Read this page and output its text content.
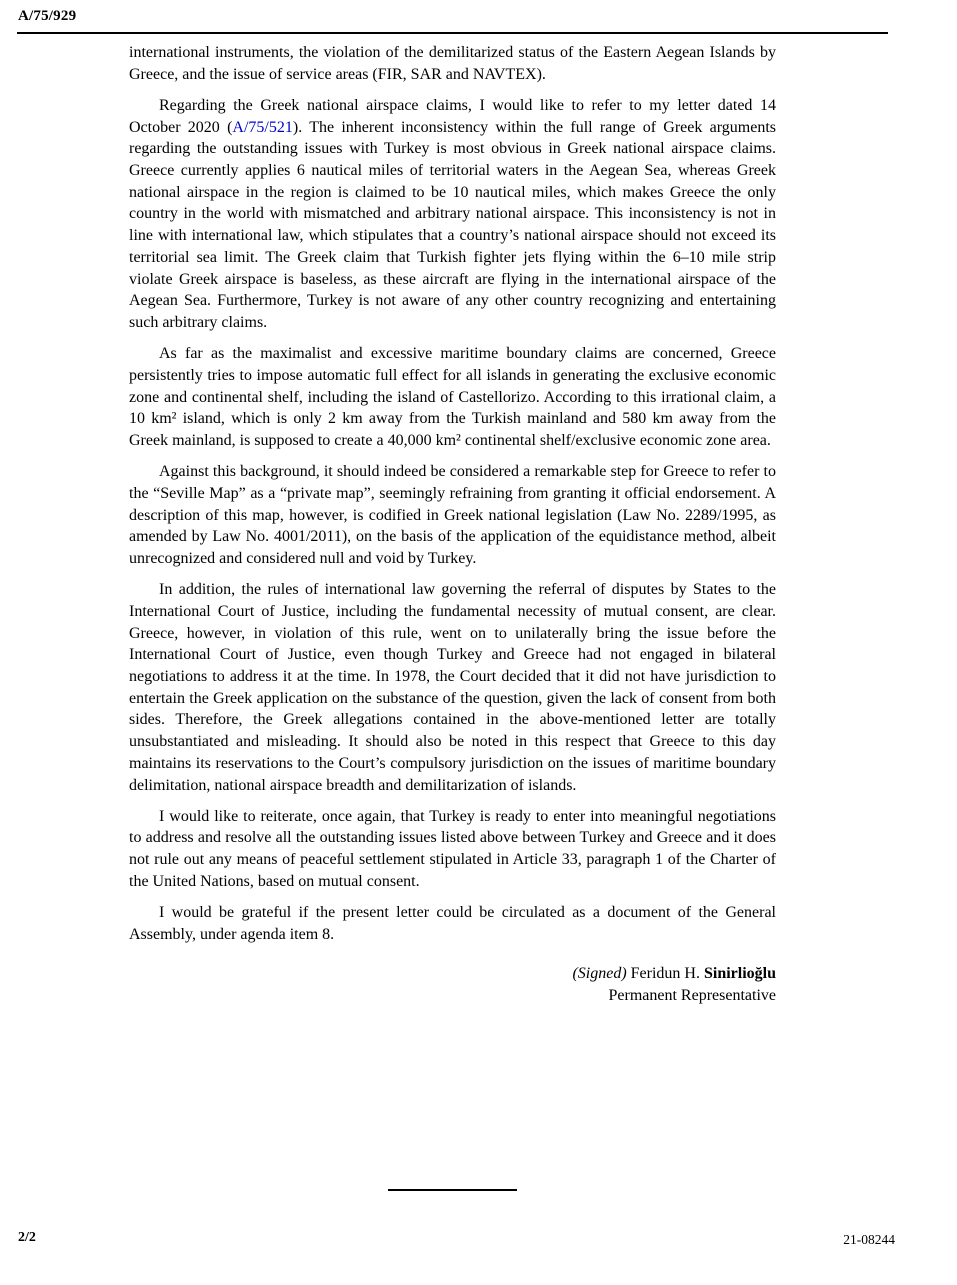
A/75/929

international instruments, the violation of the demilitarized status of the Eastern Aegean Islands by Greece, and the issue of service areas (FIR, SAR and NAVTEX).

Regarding the Greek national airspace claims, I would like to refer to my letter dated 14 October 2020 (A/75/521). The inherent inconsistency within the full range of Greek arguments regarding the outstanding issues with Turkey is most obvious in Greek national airspace claims. Greece currently applies 6 nautical miles of territorial waters in the Aegean Sea, whereas Greek national airspace in the region is claimed to be 10 nautical miles, which makes Greece the only country in the world with mismatched and arbitrary national airspace. This inconsistency is not in line with international law, which stipulates that a country’s national airspace should not exceed its territorial sea limit. The Greek claim that Turkish fighter jets flying within the 6–10 mile strip violate Greek airspace is baseless, as these aircraft are flying in the international airspace of the Aegean Sea. Furthermore, Turkey is not aware of any other country recognizing and entertaining such arbitrary claims.

As far as the maximalist and excessive maritime boundary claims are concerned, Greece persistently tries to impose automatic full effect for all islands in generating the exclusive economic zone and continental shelf, including the island of Castellorizo. According to this irrational claim, a 10 km² island, which is only 2 km away from the Turkish mainland and 580 km away from the Greek mainland, is supposed to create a 40,000 km² continental shelf/exclusive economic zone area.

Against this background, it should indeed be considered a remarkable step for Greece to refer to the “Seville Map” as a “private map”, seemingly refraining from granting it official endorsement. A description of this map, however, is codified in Greek national legislation (Law No. 2289/1995, as amended by Law No. 4001/2011), on the basis of the application of the equidistance method, albeit unrecognized and considered null and void by Turkey.

In addition, the rules of international law governing the referral of disputes by States to the International Court of Justice, including the fundamental necessity of mutual consent, are clear. Greece, however, in violation of this rule, went on to unilaterally bring the issue before the International Court of Justice, even though Turkey and Greece had not engaged in bilateral negotiations to address it at the time. In 1978, the Court decided that it did not have jurisdiction to entertain the Greek application on the substance of the question, given the lack of consent from both sides. Therefore, the Greek allegations contained in the above-mentioned letter are totally unsubstantiated and misleading. It should also be noted in this respect that Greece to this day maintains its reservations to the Court’s compulsory jurisdiction on the issues of maritime boundary delimitation, national airspace breadth and demilitarization of islands.

I would like to reiterate, once again, that Turkey is ready to enter into meaningful negotiations to address and resolve all the outstanding issues listed above between Turkey and Greece and it does not rule out any means of peaceful settlement stipulated in Article 33, paragraph 1 of the Charter of the United Nations, based on mutual consent.

I would be grateful if the present letter could be circulated as a document of the General Assembly, under agenda item 8.

(Signed) Feridun H. Sinirlioğlu
Permanent Representative
2/2	21-08244
